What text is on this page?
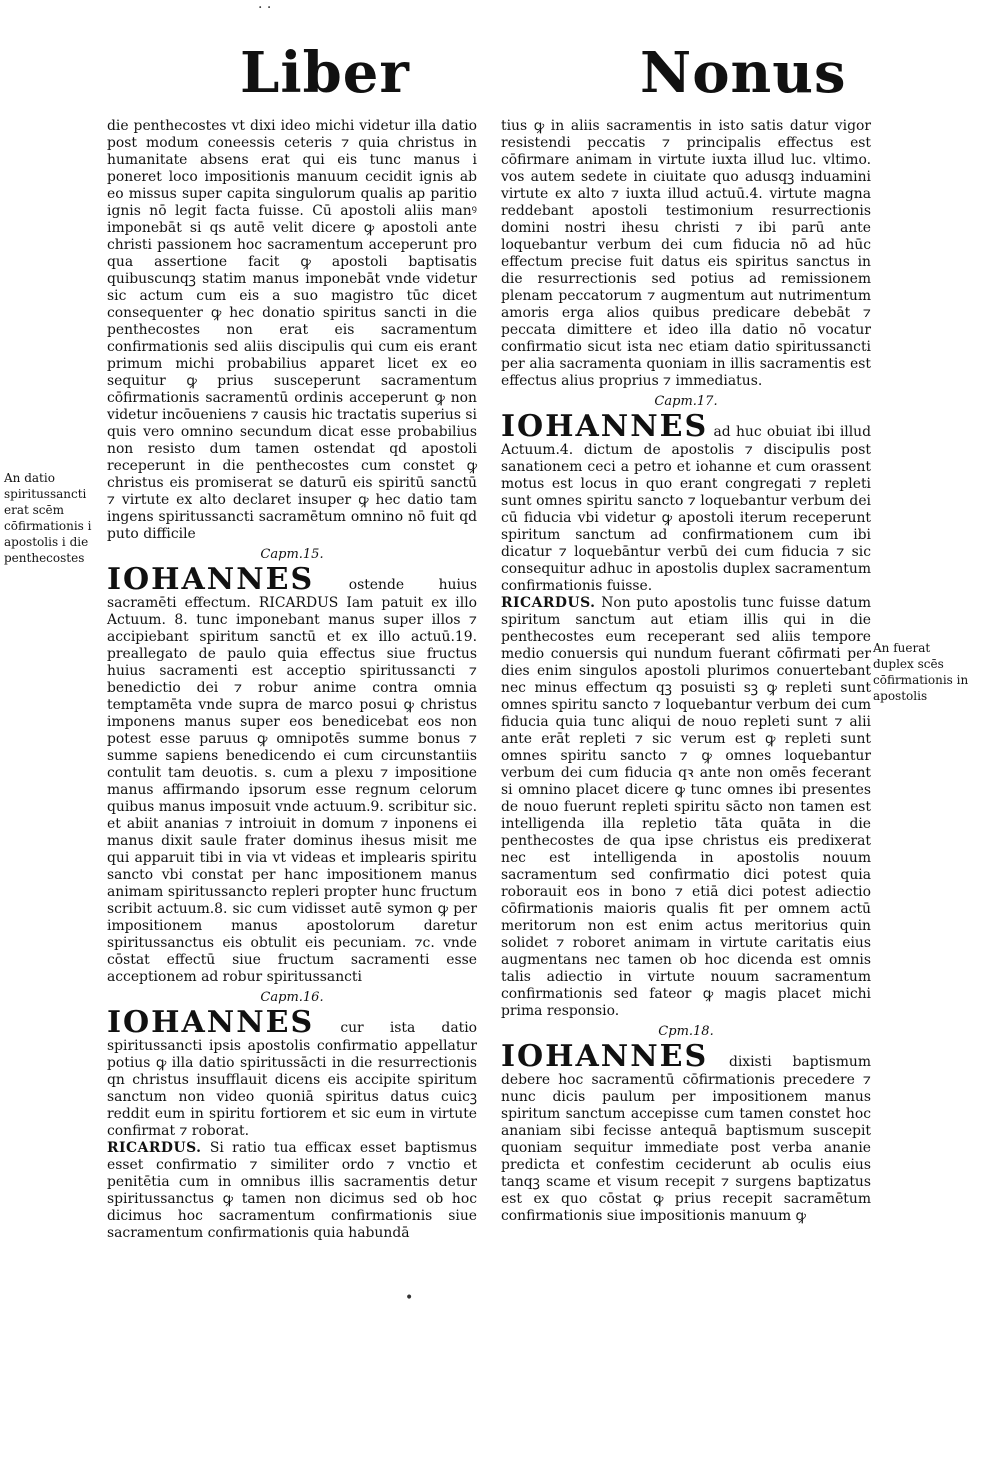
· ·
Liber	Nonus

die penthecostes vt dixi ideo michi videtur illa datio post modum coneessis ceteris ⁊ quia christus in humanitate absens erat qui eis tunc manus i poneret loco impositionis manuum cecidit ignis ab eo missus super capita singulorum qualis ap paritio ignis nō legit facta fuisse. Cū apostoli aliis manꝰ imponebāt si qs autē velit dicere ꝙ apostoli ante christi passionem hoc sacramentum acceperunt pro qua assertione facit ꝙ apostoli baptisatis quibuscunqꝫ statim manus imponebāt vnde videtur sic actum cum eis a suo magistro tūc dicet consequenter ꝙ hec donatio spiritus sancti in die penthecostes non erat eis sacramentum confirmationis sed aliis discipulis qui cum eis erant primum michi probabilius apparet licet ex eo sequitur ꝙ prius susceperunt sacramentum cōfirmationis sacramentū ordinis acceperunt ꝙ non videtur incōueniens ⁊ causis hic tractatis superius si quis vero omnino secundum dicat esse probabilius non resisto dum tamen ostendat qd apostoli receperunt in die penthecostes cum constet ꝙ christus eis promiserat se daturū eis spiritū sanctū ⁊ virtute ex alto declaret insuper ꝙ hec datio tam ingens spiritussancti sacramētum omnino nō fuit qd puto difficile

Capm.15.

IOHANNES ostende huius sacramēti effectum. RICARDUS Iam patuit ex illo Actuum. 8. tunc imponebant manus super illos ⁊ accipiebant spiritum sanctū et ex illo actuū.19. preallegato de paulo quia effectus siue fructus huius sacramenti est acceptio spiritussancti ⁊ benedictio dei ⁊ robur anime contra omnia temptamēta vnde supra de marco posui ꝙ christus imponens manus super eos benedicebat eos non potest esse paruus ꝙ omnipotēs summe bonus ⁊ summe sapiens benedicendo ei cum circunstantiis contulit tam deuotis. s. cum a plexu ⁊ impositione manus affirmando ipsorum esse regnum celorum quibus manus imposuit vnde actuum.9. scribitur sic. et abiit ananias ⁊ introiuit in domum ⁊ inponens ei manus dixit saule frater dominus ihesus misit me qui apparuit tibi in via vt videas et implearis spiritu sancto vbi constat per hanc impositionem manus animam spiritussancto repleri propter hunc fructum scribit actuum.8. sic cum vidisset autē symon ꝙ per impositionem manus apostolorum daretur spiritussanctus eis obtulit eis pecuniam. ⁊c. vnde cōstat effectū siue fructum sacramenti esse acceptionem ad robur spiritussancti

Capm.16.

IOHANNES cur ista datio spiritussancti ipsis apostolis confirmatio appellatur potius ꝙ illa datio spiritussācti in die resurrectionis qn christus insufflauit dicens eis accipite spiritum sanctum non video quoniā spiritus datus cuicꝫ reddit eum in spiritu fortiorem et sic eum in virtute confirmat ⁊ roborat.

RICARDUS. Si ratio tua efficax esset baptismus esset confirmatio ⁊ similiter ordo ⁊ vnctio et penitētia cum in omnibus illis sacramentis detur spiritussanctus ꝙ tamen non dicimus sed ob hoc dicimus hoc sacramentum confirmationis siue sacramentum confirmationis quia habundā

tius ꝙ in aliis sacramentis in isto satis datur vigor resistendi peccatis ⁊ principalis effectus est cōfirmare animam in virtute iuxta illud luc. vltimo. vos autem sedete in ciuitate quo adusqꝫ induamini virtute ex alto ⁊ iuxta illud actuū.4. virtute magna reddebant apostoli testimonium resurrectionis domini nostri ihesu christi ⁊ ibi parū ante loquebantur verbum dei cum fiducia nō ad hūc effectum precise fuit datus eis spiritus sanctus in die resurrectionis sed potius ad remissionem plenam peccatorum ⁊ augmentum aut nutrimentum amoris erga alios quibus predicare debebāt ⁊ peccata dimittere et ideo illa datio nō vocatur confirmatio sicut ista nec etiam datio spiritussancti per alia sacramenta quoniam in illis sacramentis est effectus alius proprius ⁊ immediatus.

Capm.17.

IOHANNES ad huc obuiat ibi illud Actuum.4. dictum de apostolis ⁊ discipulis post sanationem ceci a petro et iohanne et cum orassent motus est locus in quo erant congregati ⁊ repleti sunt omnes spiritu sancto ⁊ loquebantur verbum dei cū fiducia vbi videtur ꝙ apostoli iterum receperunt spiritum sanctum ad confirmationem cum ibi dicatur ⁊ loquebāntur verbū dei cum fiducia ⁊ sic consequitur adhuc in apostolis duplex sacramentum confirmationis fuisse.

RICARDUS. Non puto apostolis tunc fuisse datum spiritum sanctum aut etiam illis qui in die penthecostes eum receperant sed aliis tempore medio conuersis qui nundum fuerant cōfirmati per dies enim singulos apostoli plurimos conuertebant nec minus effectum qꝫ posuisti sꝫ ꝙ repleti sunt omnes spiritu sancto ⁊ loquebantur verbum dei cum fiducia quia tunc aliqui de nouo repleti sunt ⁊ alii ante erāt repleti ⁊ sic verum est ꝙ repleti sunt omnes spiritu sancto ⁊ ꝙ omnes loquebantur verbum dei cum fiducia qꝛ ante non omēs fecerant si omnino placet dicere ꝙ tunc omnes ibi presentes de nouo fuerunt repleti spiritu sācto non tamen est intelligenda illa repletio tāta quāta in die penthecostes de qua ipse christus eis predixerat nec est intelligenda in apostolis nouum sacramentum sed confirmatio dici potest quia roborauit eos in bono ⁊ etiā dici potest adiectio cōfirmationis maioris qualis fit per omnem actū meritorum non est enim actus meritorius quin solidet ⁊ roboret animam in virtute caritatis eius augmentans nec tamen ob hoc dicenda est omnis talis adiectio in virtute nouum sacramentum confirmationis sed fateor ꝙ magis placet michi prima responsio.

Cpm.18.

IOHANNES dixisti baptismum debere hoc sacramentū cōfirmationis precedere ⁊ nunc dicis paulum per impositionem manus spiritum sanctum accepisse cum tamen constet hoc ananiam sibi fecisse antequā baptismum suscepit quoniam sequitur immediate post verba ananie predicta et confestim ceciderunt ab oculis eius tanqꝫ scame et visum recepit ⁊ surgens baptizatus est ex quo cōstat ꝙ prius recepit sacramētum confirmationis siue impositionis manuum ꝙ

An datio spiritussancti erat scēm cōfirmationis i apostolis i die penthecostes
An fuerat duplex scēs cōfirmationis in apostolis
•
